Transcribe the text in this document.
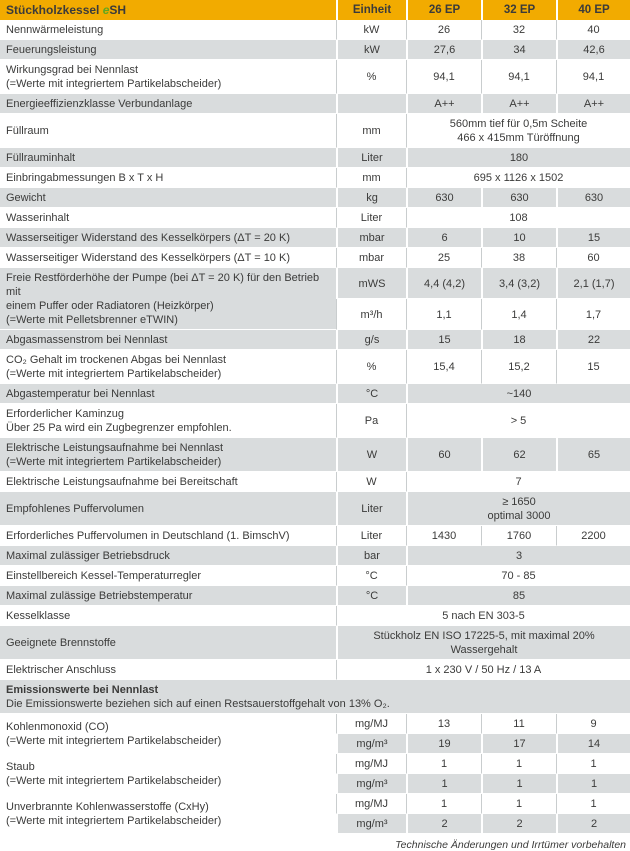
Stückholzkessel eSH	Einheit	26 EP	32 EP	40 EP
Nennwärmeleistung	kW	26	32	40
Feuerungsleistung	kW	27,6	34	42,6

Wirkungsgrad bei Nennlast
(=Werte mit integriertem Partikelabscheider)	%	94,1	94,1	94,1
Energieeffizienzklasse Verbundanlage		A++	A++	A++
Füllraum	mm	560mm tief für 0,5m Scheite
466 x 415mm Türöffnung		

Füllrauminhalt	Liter	180		
Einbringabmessungen B x T x H	mm	695 x 1126 x 1502		
Gewicht	kg	630	630	630
Wasserinhalt	Liter	108		
Wasserseitiger Widerstand des Kesselkörpers (ΔT = 20 K)	mbar	6	10	15
Wasserseitiger Widerstand des Kesselkörpers (ΔT = 10 K)	mbar	25	38	60

Freie Restförderhöhe der Pumpe (bei ΔT = 20 K) für den Betrieb mit
einem Puffer oder Radiatoren (Heizkörper)
(=Werte mit Pelletsbrenner eTWIN)	mWS	4,4 (4,2)	3,4 (3,2)	2,1 (1,7)
	m³/h	1,1	1,4	1,7
Abgasmassenstrom bei Nennlast	g/s	15	18	22

CO₂ Gehalt im trockenen Abgas bei Nennlast
(=Werte mit integriertem Partikelabscheider)	%	15,4	15,2	15
Abgastemperatur bei Nennlast	°C	~140		

Erforderlicher Kaminzug
Über 25 Pa wird ein Zugbegrenzer empfohlen.	Pa	> 5		

Elektrische Leistungsaufnahme bei Nennlast
(=Werte mit integriertem Partikelabscheider)	W	60	62	65
Elektrische Leistungsaufnahme bei Bereitschaft	W	7		
Empfohlenes Puffervolumen	Liter	≥ 1650
optimal 3000		

Erforderliches Puffervolumen in Deutschland (1. BimschV)	Liter	1430	1760	2200
Maximal zulässiger Betriebsdruck	bar	3		
Einstellbereich Kessel-Temperaturregler	°C	70 - 85		
Maximal zulässige Betriebstemperatur	°C	85		
Kesselklasse	5 nach EN 303-5			
Geeignete Brennstoffe	Stückholz EN ISO 17225-5, mit maximal 20% Wassergehalt			
Elektrischer Anschluss	1 x 230 V / 50 Hz / 13 A			

Emissionswerte bei Nennlast
Die Emissionswerte beziehen sich auf einen Restsauerstoffgehalt von 13% O₂.				

Kohlenmonoxid (CO)
(=Werte mit integriertem Partikelabscheider)	mg/MJ	13	11	9
	mg/m³	19	17	14

Staub
(=Werte mit integriertem Partikelabscheider)	mg/MJ	1	1	1
	mg/m³	1	1	1

Unverbrannte Kohlenwasserstoffe (CxHy)
(=Werte mit integriertem Partikelabscheider)	mg/MJ	1	1	1
	mg/m³	2	2	2
Technische Änderungen und Irrtümer vorbehalten
